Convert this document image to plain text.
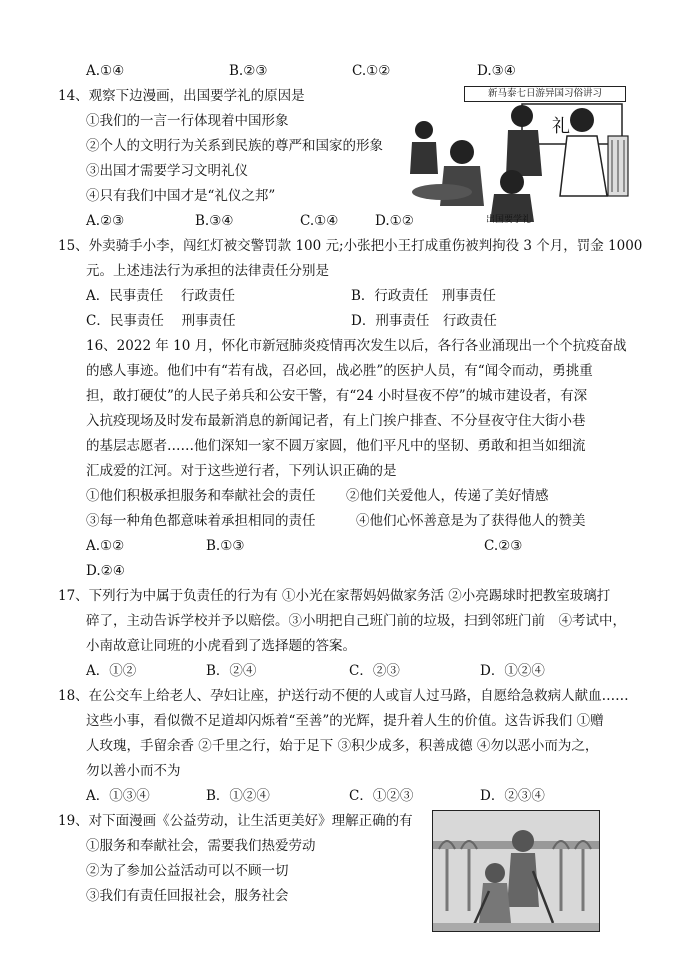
A.①④	B.②③	C.①②	D.③④
14、观察下边漫画，出国要学礼的原因是
①我们的一言一行体现着中国形象
②个人的文明行为关系到民族的尊严和国家的形象
③出国才需要学习文明礼仪
④只有我们中国才是“礼仪之邦”
A.②③	B.③④	C.①④	D.①②
新马泰七日游异国习俗讲习
礼
出国要学礼
15、外卖骑手小李，闯红灯被交警罚款 100 元;小张把小王打成重伤被判拘役 3 个月，罚金 1000
元。上述违法行为承担的法律责任分别是
A．民事责任　 行政责任	B．行政责任　刑事责任
C．民事责任　 刑事责任	D．刑事责任　行政责任
16、2022 年 10 月，怀化市新冠肺炎疫情再次发生以后，各行各业涌现出一个个抗疫奋战
的感人事迹。他们中有“若有战，召必回，战必胜”的医护人员，有“闻令而动，勇挑重
担，敢打硬仗”的人民子弟兵和公安干警，有“24 小时昼夜不停”的城市建设者，有深
入抗疫现场及时发布最新消息的新闻记者，有上门挨户排查、不分昼夜守住大街小巷
的基层志愿者……他们深知一家不圆万家圆，他们平凡中的坚韧、勇敢和担当如细流
汇成爱的江河。对于这些逆行者，下列认识正确的是
①他们积极承担服务和奉献社会的责任 ②他们关爱他人，传递了美好情感
③每一种角色都意味着承担相同的责任	④他们心怀善意是为了获得他人的赞美
A.①②	B.①③	C.②③
D.②④
17、下列行为中属于负责任的行为有 ①小光在家帮妈妈做家务活 ②小亮踢球时把教室玻璃打
碎了，主动告诉学校并予以赔偿。③小明把自己班门前的垃圾，扫到邻班门前　④考试中，
小南故意让同班的小虎看到了选择题的答案。
A．①②	B．②④	C．②③	D．①②④
18、在公交车上给老人、孕妇让座，护送行动不便的人或盲人过马路，自愿给急救病人献血……
这些小事，看似微不足道却闪烁着“至善”的光辉，提升着人生的价值。这告诉我们 ①赠
人玫瑰，手留余香 ②千里之行，始于足下 ③积少成多，积善成德 ④勿以恶小而为之，
勿以善小而不为
A．①③④	B．①②④	C．①②③	D．②③④
19、对下面漫画《公益劳动，让生活更美好》理解正确的有
①服务和奉献社会，需要我们热爱劳动
②为了参加公益活动可以不顾一切
③我们有责任回报社会，服务社会
